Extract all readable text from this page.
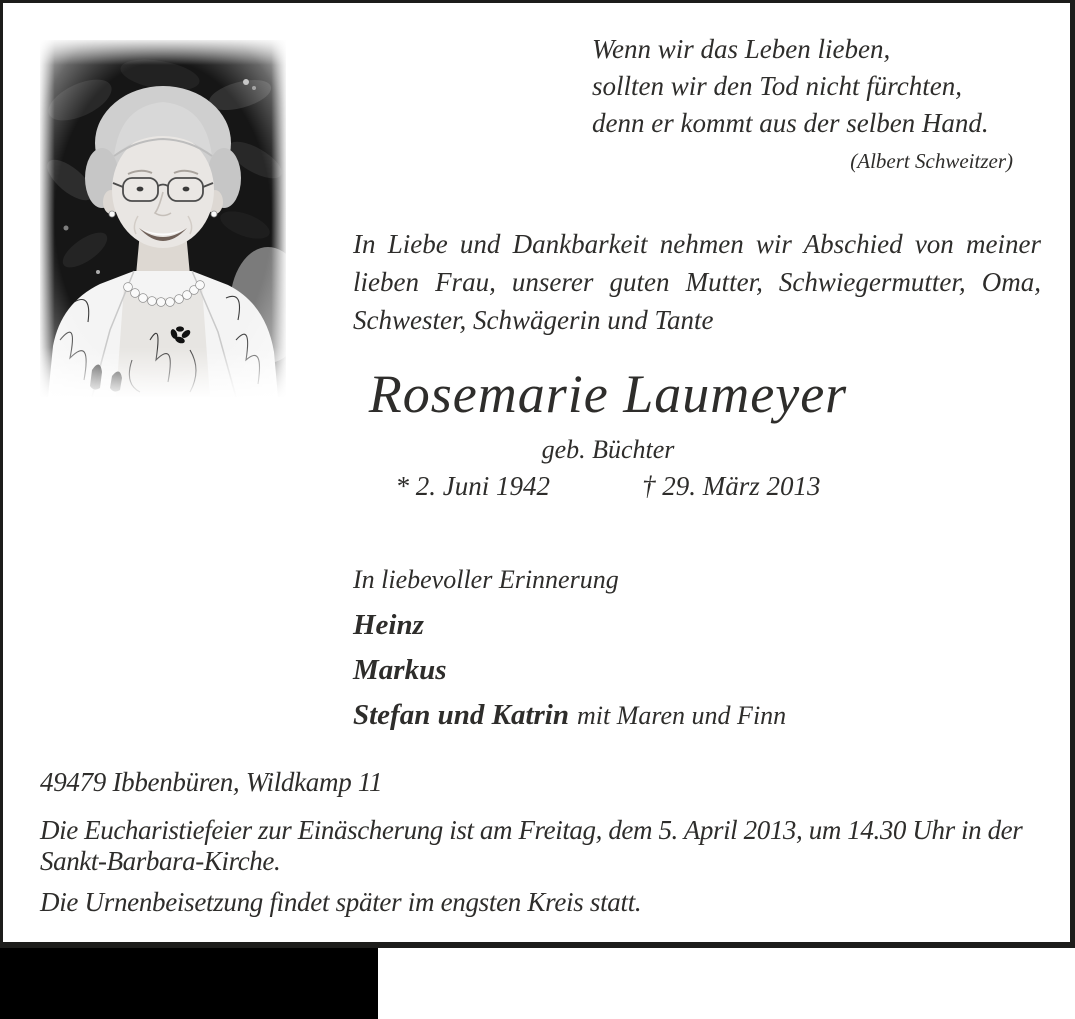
Wenn wir das Leben lieben,
sollten wir den Tod nicht fürchten,
denn er kommt aus der selben Hand.
(Albert Schweitzer)

In Liebe und Dankbarkeit nehmen wir Abschied von meiner lieben Frau, unserer guten Mutter, Schwiegermutter, Oma, Schwester, Schwägerin und Tante

Rosemarie Laumeyer
geb. Büchter
* 2. Juni 1942	† 29. März 2013
In liebevoller Erinnerung
Heinz
Markus
Stefan und Katrin mit Maren und Finn

49479 Ibbenbüren, Wildkamp 11

Die Eucharistiefeier zur Einäscherung ist am Freitag, dem 5. April 2013, um 14.30 Uhr in der Sankt-Barbara-Kirche.

Die Urnenbeisetzung findet später im engsten Kreis statt.
